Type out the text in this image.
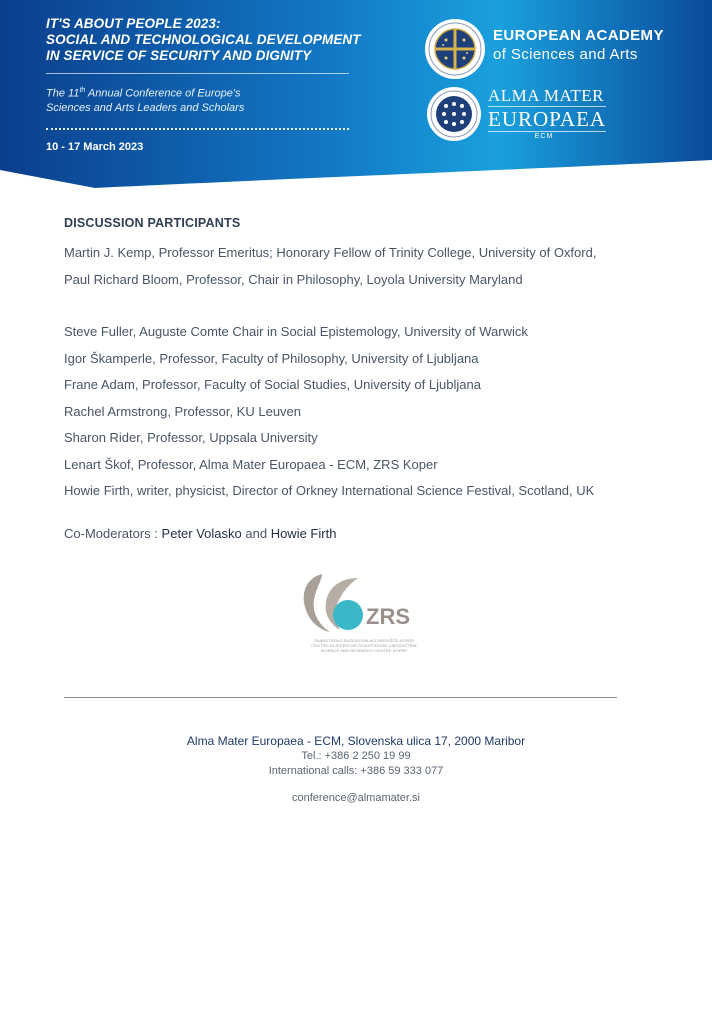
IT'S ABOUT PEOPLE 2023:
SOCIAL AND TECHNOLOGICAL DEVELOPMENT
IN SERVICE OF SECURITY AND DIGNITY
The 11th Annual Conference of Europe's
Sciences and Arts Leaders and Scholars
10 - 17 March 2023
EUROPEAN ACADEMY
of Sciences and Arts
ALMA MATER
EUROPAEA
ECM
DISCUSSION PARTICIPANTS
Martin J. Kemp, Professor Emeritus; Honorary Fellow of Trinity College, University of Oxford,
Paul Richard Bloom, Professor, Chair in Philosophy, Loyola University Maryland
Steve Fuller, Auguste Comte Chair in Social Epistemology, University of Warwick
Igor Škamperle, Professor, Faculty of Philosophy, University of Ljubljana
Frane Adam, Professor, Faculty of Social Studies, University of Ljubljana
Rachel Armstrong, Professor, KU Leuven
Sharon Rider, Professor, Uppsala University
Lenart Škof, Professor, Alma Mater Europaea - ECM, ZRS Koper
Howie Firth, writer, physicist, Director of Orkney International Science Festival, Scotland, UK
Co-Moderators : Peter Volasko and Howie Firth
ZRS
ZNANSTVENO-RAZISKOVALNO SREDIŠČE KOPER
CENTRO DI RICERCHE SCIENTIFICHE CAPODISTRIA
SCIENCE AND RESEARCH CENTRE KOPER
Alma Mater Europaea - ECM, Slovenska ulica 17, 2000 Maribor
Tel.: +386 2 250 19 99
International calls: +386 59 333 077
conference@almamater.si
